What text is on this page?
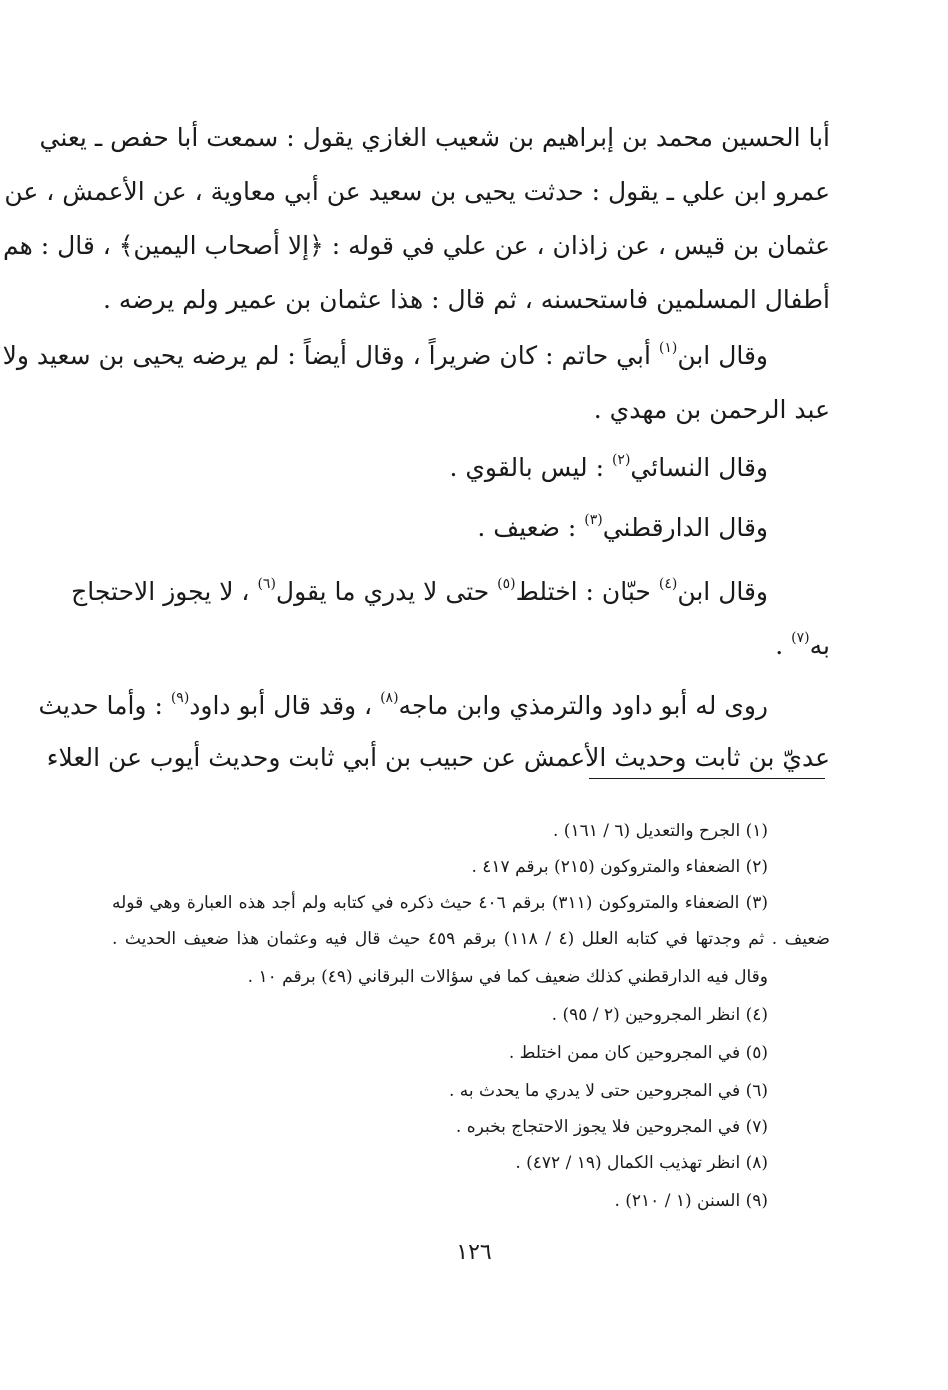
أبا الحسين محمد بن إبراهيم بن شعيب الغازي يقول : سمعت أبا حفص ـ يعني
عمرو ابن علي ـ يقول : حدثت يحيى بن سعيد عن أبي معاوية ، عن الأعمش ، عن
عثمان بن قيس ، عن زاذان ، عن علي في قوله : ﴿إلا أصحاب اليمين﴾ ، قال : هم
أطفال المسلمين فاستحسنه ، ثم قال : هذا عثمان بن عمير ولم يرضه .
وقال ابن$^{(١)}$ أبي حاتم : كان ضريراً ، وقال أيضاً : لم يرضه يحيى بن سعيد ولا
عبد الرحمن بن مهدي .
وقال النسائي$^{(٢)}$ : ليس بالقوي .
وقال الدارقطني$^{(٣)}$ : ضعيف .
وقال ابن$^{(٤)}$ حبّان : اختلط$^{(٥)}$ حتى لا يدري ما يقول$^{(٦)}$ ، لا يجوز الاحتجاج
به$^{(٧)}$ .
روى له أبو داود والترمذي وابن ماجه$^{(٨)}$ ، وقد قال أبو داود$^{(٩)}$ : وأما حديث
عديّ بن ثابت وحديث الأعمش عن حبيب بن أبي ثابت وحديث أيوب عن العلاء
(١) الجرح والتعديل (٦ / ١٦١) .
(٢) الضعفاء والمتروكون (٢١٥) برقم ٤١٧ .
(٣) الضعفاء والمتروكون (٣١١) برقم ٤٠٦ حيث ذكره في كتابه ولم أجد هذه العبارة وهي قوله
ضعيف . ثم وجدتها في كتابه العلل (٤ / ١١٨) برقم ٤٥٩ حيث قال فيه وعثمان هذا ضعيف الحديث .
وقال فيه الدارقطني كذلك ضعيف كما في سؤالات البرقاني (٤٩) برقم ١٠ .
(٤) انظر المجروحين (٢ / ٩٥) .
(٥) في المجروحين كان ممن اختلط .
(٦) في المجروحين حتى لا يدري ما يحدث به .
(٧) في المجروحين فلا يجوز الاحتجاج بخبره .
(٨) انظر تهذيب الكمال (١٩ / ٤٧٢) .
(٩) السنن (١ / ٢١٠) .
١٢٦
